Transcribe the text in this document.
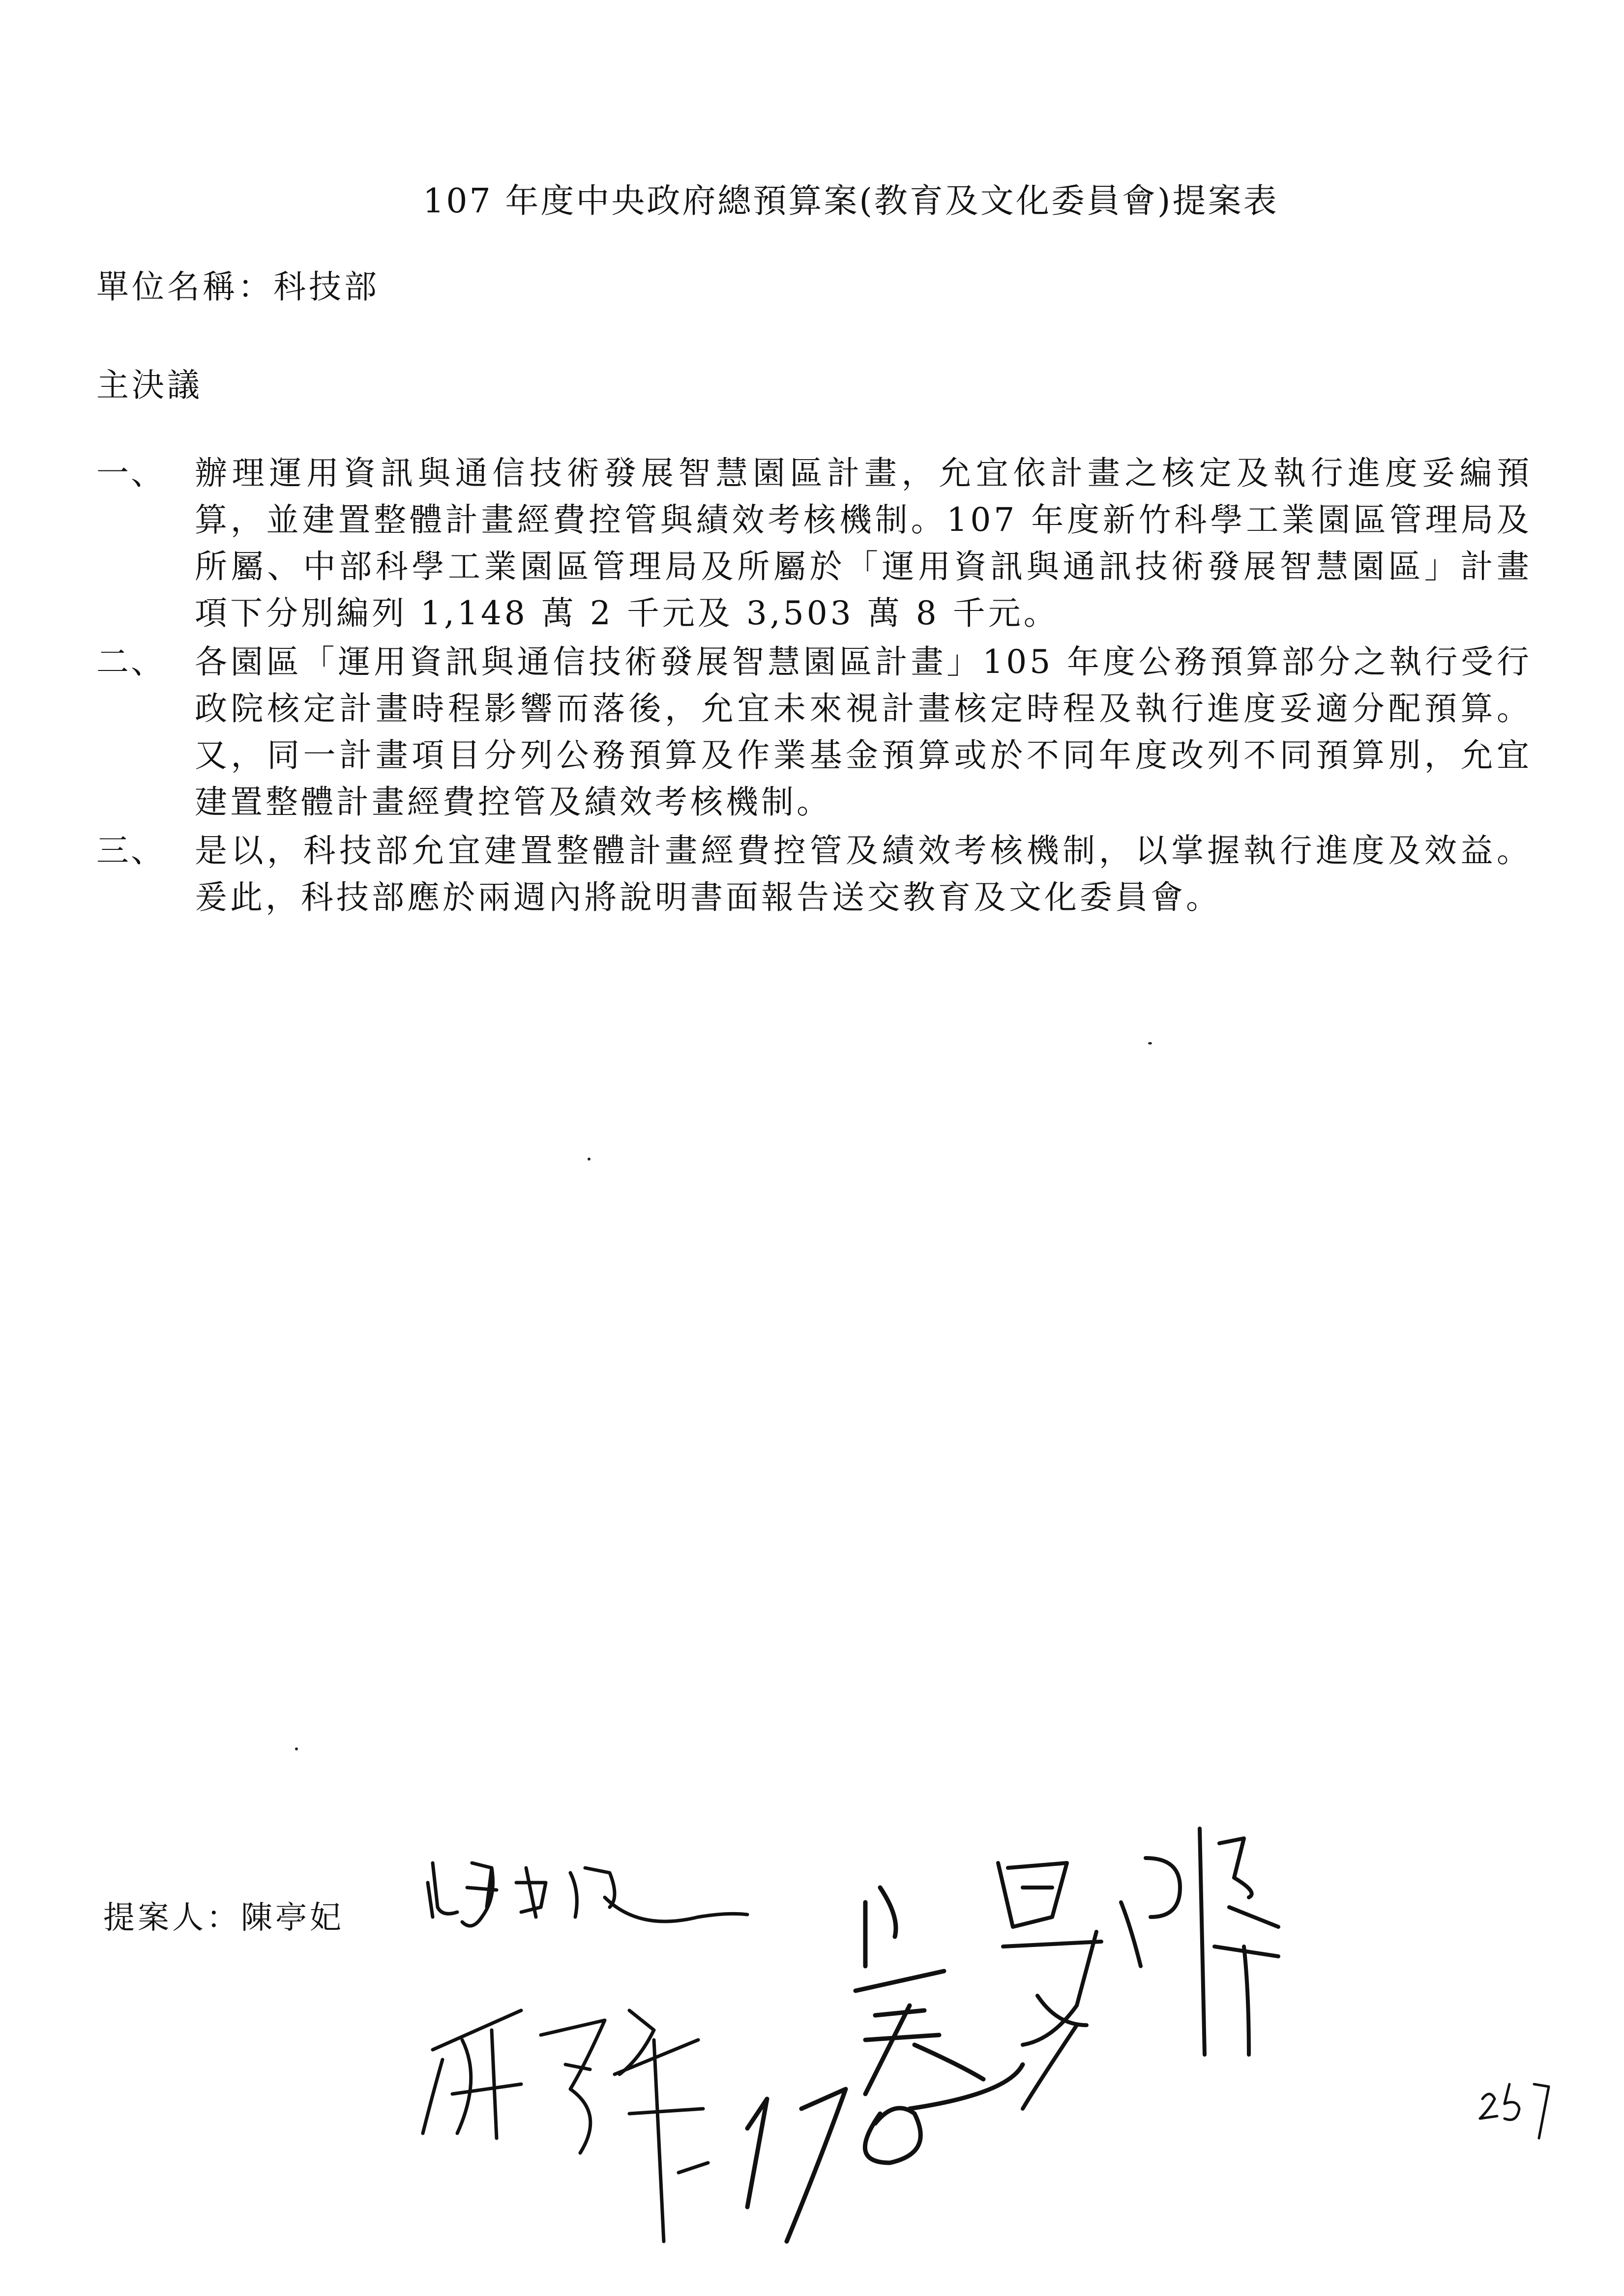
107 年度中央政府總預算案(教育及文化委員會)提案表
單位名稱：科技部
主決議
一、 辦理運用資訊與通信技術發展智慧園區計畫，允宜依計畫之核定及執行進度妥編預算，並建置整體計畫經費控管與績效考核機制。107 年度新竹科學工業園區管理局及所屬、中部科學工業園區管理局及所屬於「運用資訊與通訊技術發展智慧園區」計畫項下分別編列 1,148 萬 2 千元及 3,503 萬 8 千元。
二、 各園區「運用資訊與通信技術發展智慧園區計畫」105 年度公務預算部分之執行受行政院核定計畫時程影響而落後，允宜未來視計畫核定時程及執行進度妥適分配預算。又，同一計畫項目分列公務預算及作業基金預算或於不同年度改列不同預算別，允宜建置整體計畫經費控管及績效考核機制。
三、 是以，科技部允宜建置整體計畫經費控管及績效考核機制，以掌握執行進度及效益。爰此，科技部應於兩週內將說明書面報告送交教育及文化委員會。
提案人：陳亭妃
